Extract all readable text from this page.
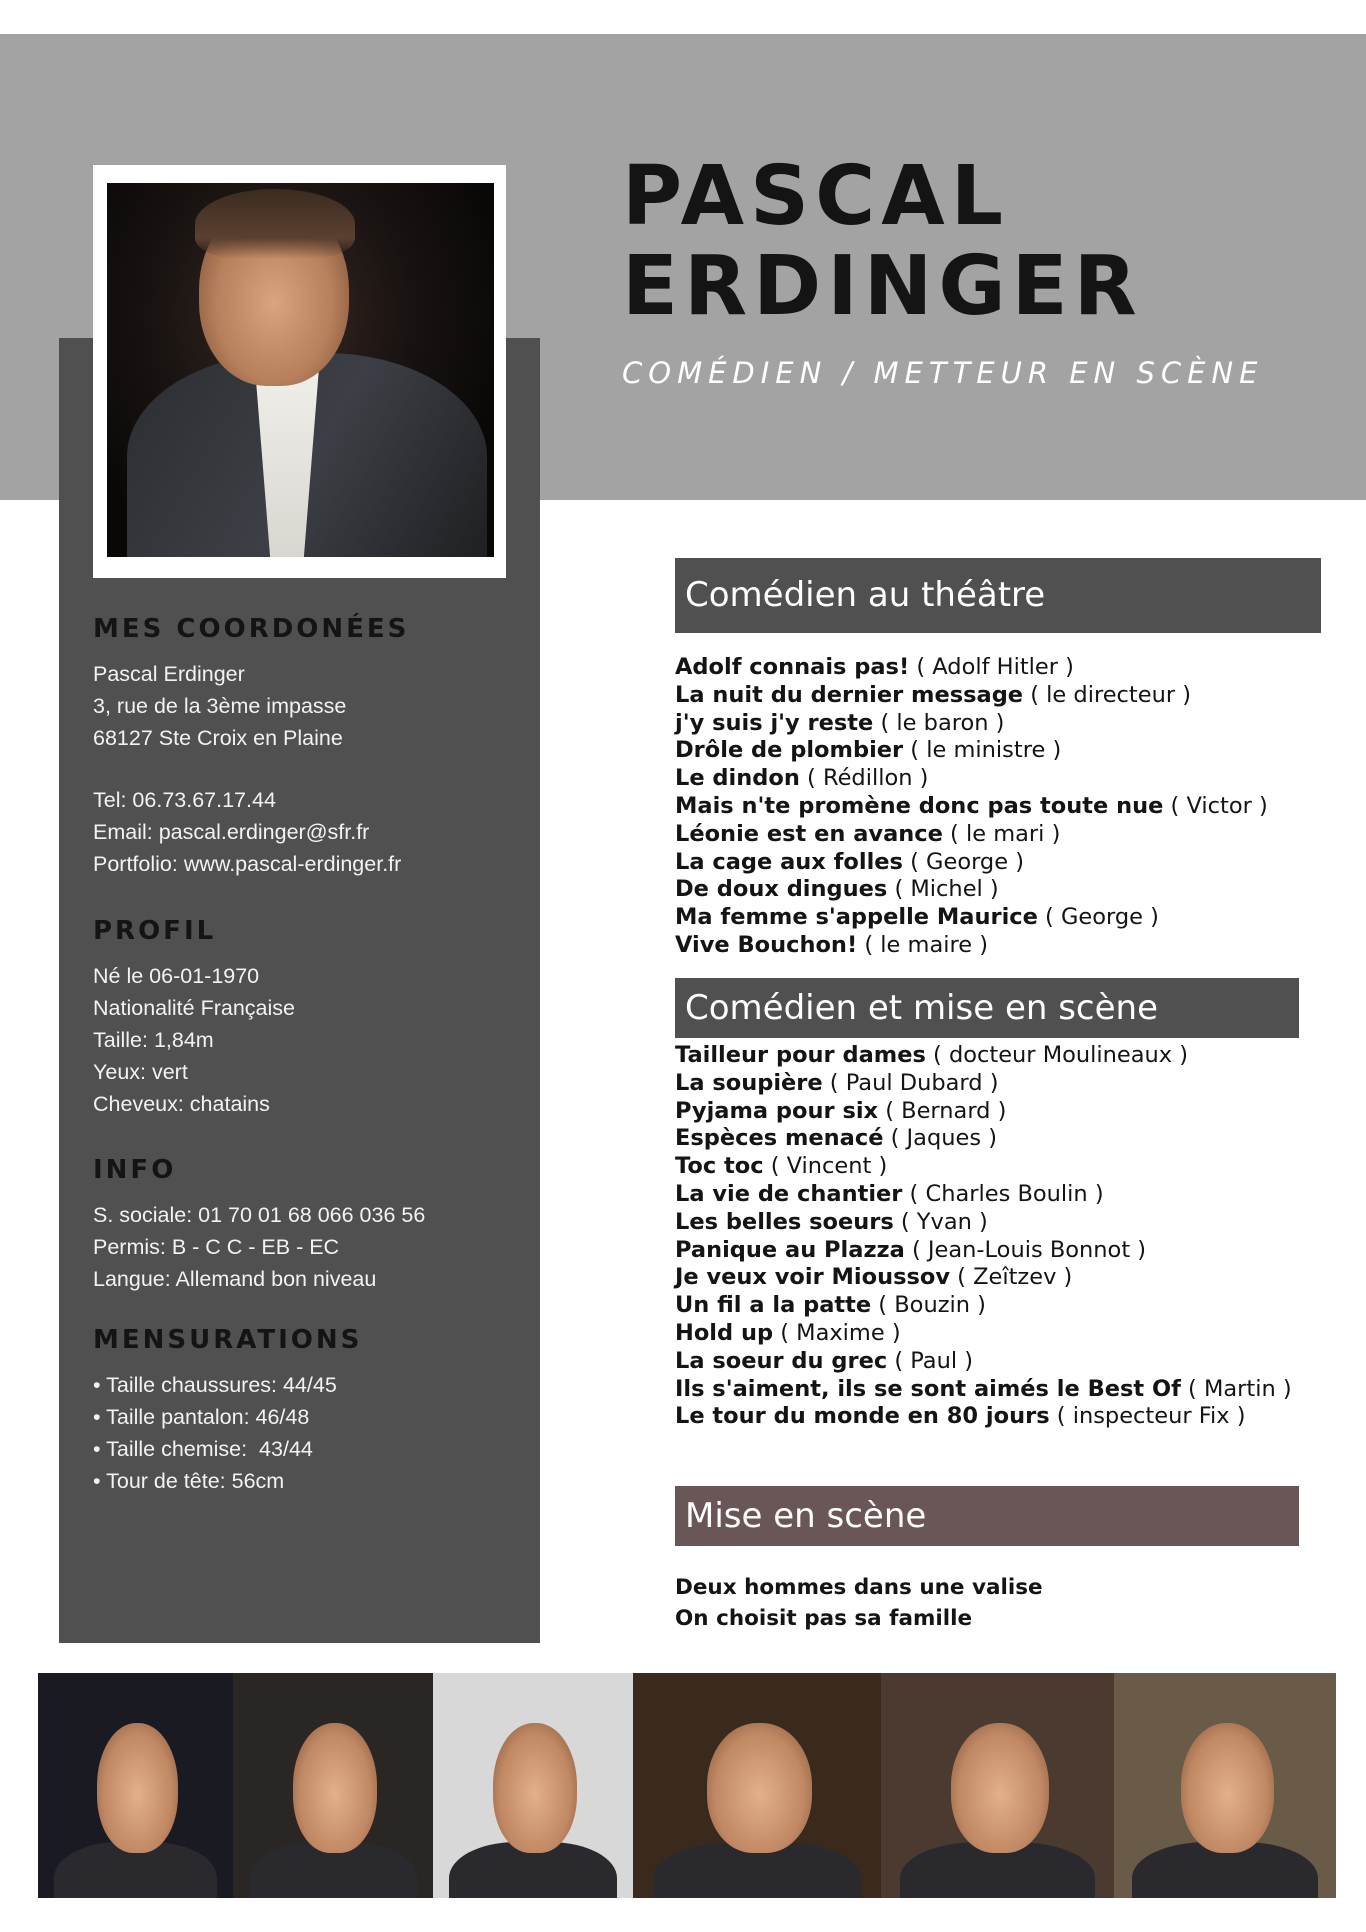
PASCAL
ERDINGER

COMÉDIEN / METTEUR EN SCÈNE

MES COORDONÉES

Pascal Erdinger

3, rue de la 3ème impasse

68127 Ste Croix en Plaine

Tel: 06.73.67.17.44

Email: pascal.erdinger@sfr.fr

Portfolio: www.pascal-erdinger.fr

PROFIL

Né le 06-01-1970

Nationalité Française

Taille: 1,84m

Yeux: vert

Cheveux: chatains

INFO

S. sociale: 01 70 01 68 066 036 56

Permis: B - C C - EB - EC

Langue: Allemand bon niveau

MENSURATIONS

• Taille chaussures: 44/45

• Taille pantalon: 46/48

• Taille chemise:  43/44

• Tour de tête: 56cm

Comédien au théâtre
Adolf connais pas! ( Adolf Hitler )
La nuit du dernier message ( le directeur )
j'y suis j'y reste ( le baron )
Drôle de plombier ( le ministre )
Le dindon ( Rédillon )
Mais n'te promène donc pas toute nue ( Victor )
Léonie est en avance ( le mari )
La cage aux folles ( George )
De doux dingues ( Michel )
Ma femme s'appelle Maurice ( George )
Vive Bouchon! ( le maire )
Comédien et mise en scène
Tailleur pour dames ( docteur Moulineaux )
La soupière ( Paul Dubard )
Pyjama pour six ( Bernard )
Espèces menacé ( Jaques )
Toc toc ( Vincent )
La vie de chantier ( Charles Boulin )
Les belles soeurs ( Yvan )
Panique au Plazza ( Jean-Louis Bonnot )
Je veux voir Mioussov ( Zeîtzev )
Un fil a la patte ( Bouzin )
Hold up ( Maxime )
La soeur du grec ( Paul )
Ils s'aiment, ils se sont aimés le Best Of ( Martin )
Le tour du monde en 80 jours ( inspecteur Fix )
Mise en scène
Deux hommes dans une valise
On choisit pas sa famille
